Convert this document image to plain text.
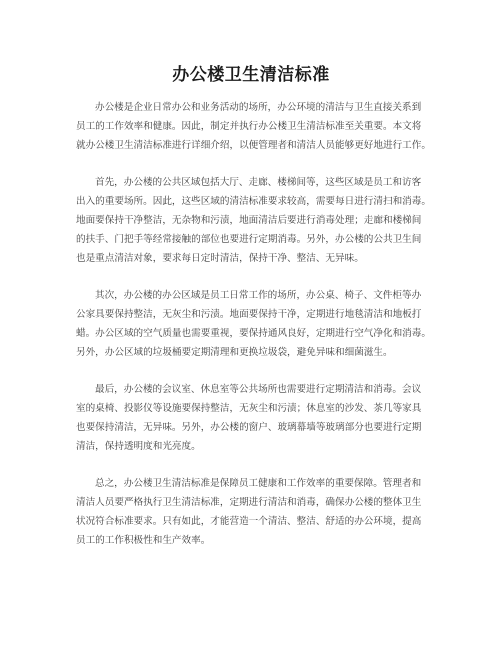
办公楼卫生清洁标准
办公楼是企业日常办公和业务活动的场所，办公环境的清洁与卫生直接关系到
员工的工作效率和健康。因此，制定并执行办公楼卫生清洁标准至关重要。本文将
就办公楼卫生清洁标准进行详细介绍，以便管理者和清洁人员能够更好地进行工作。
首先，办公楼的公共区域包括大厅、走廊、楼梯间等，这些区域是员工和访客
出入的重要场所。因此，这些区域的清洁标准要求较高，需要每日进行清扫和消毒。
地面要保持干净整洁，无杂物和污渍，地面清洁后要进行消毒处理；走廊和楼梯间
的扶手、门把手等经常接触的部位也要进行定期消毒。另外，办公楼的公共卫生间
也是重点清洁对象，要求每日定时清洁，保持干净、整洁、无异味。
其次，办公楼的办公区域是员工日常工作的场所，办公桌、椅子、文件柜等办
公家具要保持整洁，无灰尘和污渍。地面要保持干净，定期进行地毯清洁和地板打
蜡。办公区域的空气质量也需要重视，要保持通风良好，定期进行空气净化和消毒。
另外，办公区域的垃圾桶要定期清理和更换垃圾袋，避免异味和细菌滋生。
最后，办公楼的会议室、休息室等公共场所也需要进行定期清洁和消毒。会议
室的桌椅、投影仪等设施要保持整洁，无灰尘和污渍；休息室的沙发、茶几等家具
也要保持清洁，无异味。另外，办公楼的窗户、玻璃幕墙等玻璃部分也要进行定期
清洁，保持透明度和光亮度。
总之，办公楼卫生清洁标准是保障员工健康和工作效率的重要保障。管理者和
清洁人员要严格执行卫生清洁标准，定期进行清洁和消毒，确保办公楼的整体卫生
状况符合标准要求。只有如此，才能营造一个清洁、整洁、舒适的办公环境，提高
员工的工作积极性和生产效率。
